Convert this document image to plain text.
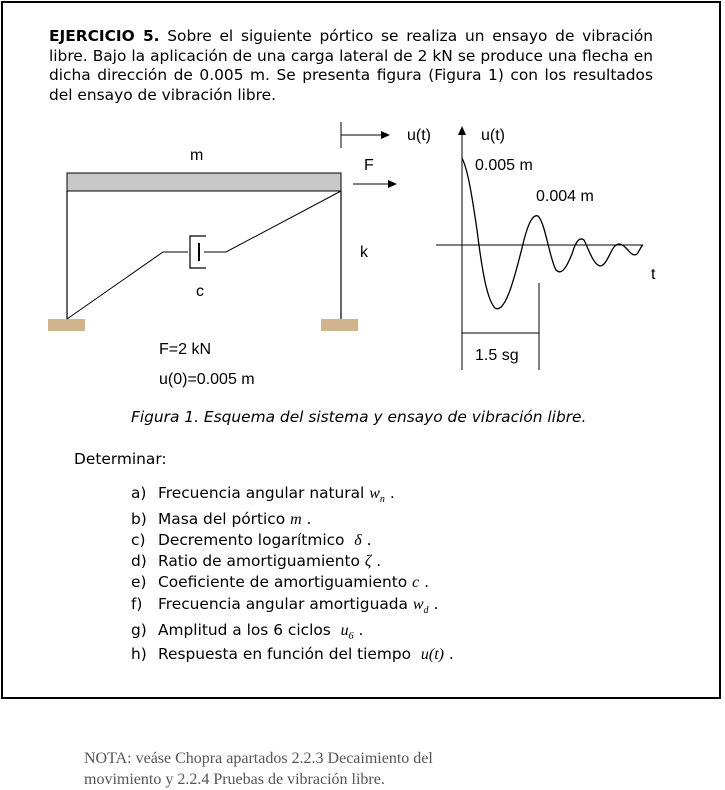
EJERCICIO 5. Sobre el siguiente pórtico se realiza un ensayo de vibración libre. Bajo la aplicación de una carga lateral de 2 kN se produce una flecha en dicha dirección de 0.005 m. Se presenta figura (Figura 1) con los resultados del ensayo de vibración libre.

m
F
k
c
u(t)
F=2 kN
u(0)=0.005 m
u(t)
t
0.005 m
0.004 m
1.5 sg

Figura 1. Esquema del sistema y ensayo de vibración libre.

Determinar:

a) Frecuencia angular natural $w_n$ .
b) Masa del pórtico m .
c) Decremento logarítmico δ .
d) Ratio de amortiguamiento ζ .
e) Coeficiente de amortiguamiento c .
f) Frecuencia angular amortiguada $w_d$ .
g) Amplitud a los 6 ciclos $u_6$ .
h) Respuesta en función del tiempo u(t) .

NOTA: veáse Chopra apartados 2.2.3 Decaimiento del movimiento y 2.2.4 Pruebas de vibración libre.
